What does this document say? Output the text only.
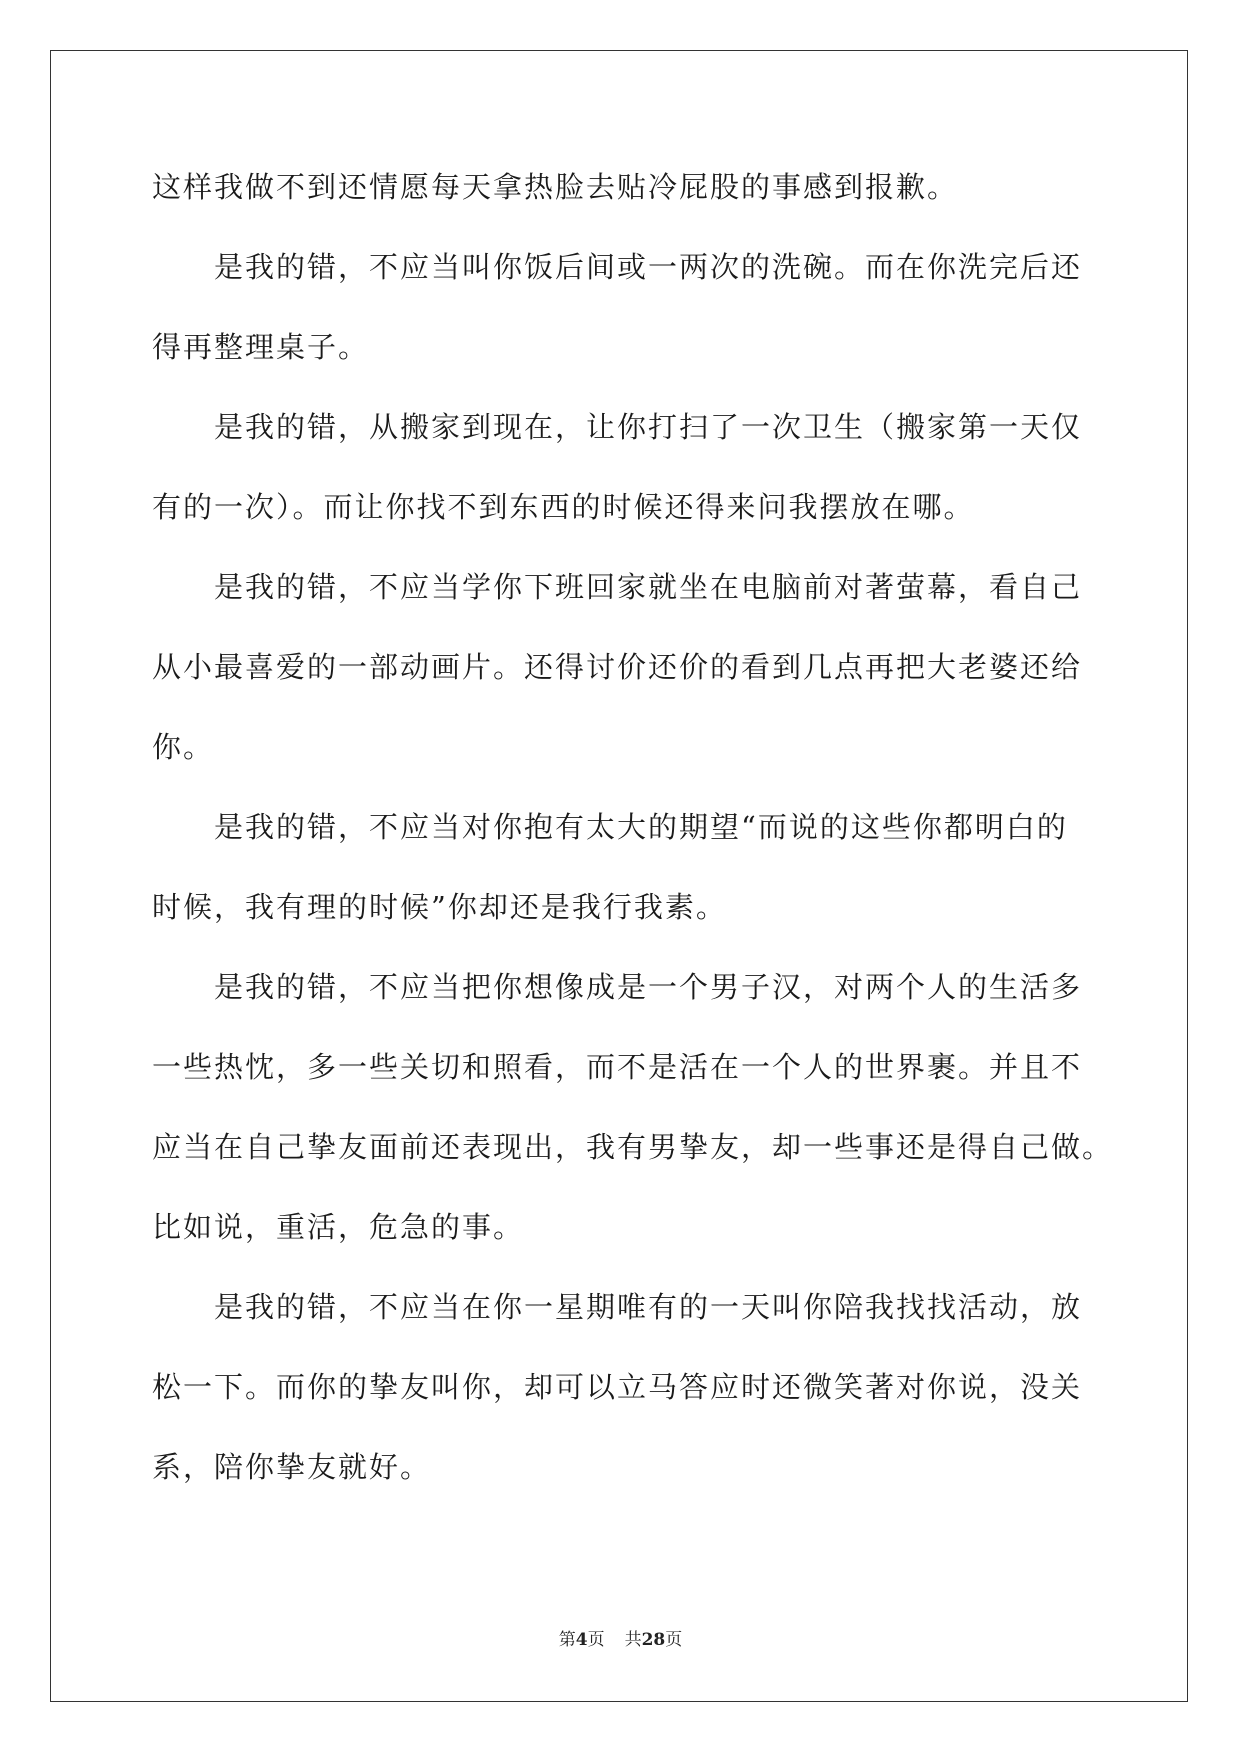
这样我做不到还情愿每天拿热脸去贴冷屁股的事感到报歉。
　　是我的错，不应当叫你饭后间或一两次的洗碗。而在你洗完后还
得再整理桌子。
　　是我的错，从搬家到现在，让你打扫了一次卫生（搬家第一天仅
有的一次）。而让你找不到东西的时候还得来问我摆放在哪。
　　是我的错，不应当学你下班回家就坐在电脑前对著萤幕，看自己
从小最喜爱的一部动画片。还得讨价还价的看到几点再把大老婆还给
你。
　　是我的错，不应当对你抱有太大的期望“而说的这些你都明白的
时候，我有理的时候”你却还是我行我素。
　　是我的错，不应当把你想像成是一个男子汉，对两个人的生活多
一些热忱，多一些关切和照看，而不是活在一个人的世界裹。并且不
应当在自己挚友面前还表现出，我有男挚友，却一些事还是得自己做。
比如说，重活，危急的事。
　　是我的错，不应当在你一星期唯有的一天叫你陪我找找活动，放
松一下。而你的挚友叫你，却可以立马答应时还微笑著对你说，没关
系，陪你挚友就好。
第4页 共28页
